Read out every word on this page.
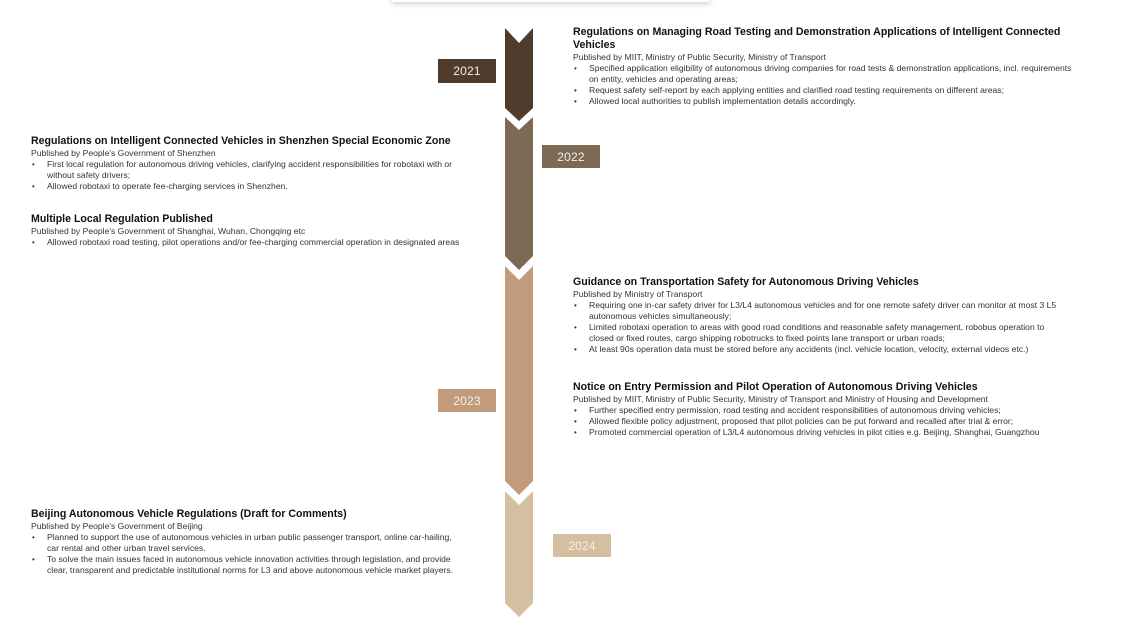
2021
2022
2023
2024
Regulations on Managing Road Testing and Demonstration Applications of Intelligent Connected Vehicles
Published by MIIT, Ministry of Public Security, Ministry of Transport
• Specified application eligibility of autonomous driving companies for road tests & demonstration applications, incl. requirements on entity, vehicles and operating areas;
• Request safety self-report by each applying entities and clarified road testing requirements on different areas;
• Allowed local authorities to publish implementation details accordingly.
Regulations on Intelligent Connected Vehicles in Shenzhen Special Economic Zone
Published by People's Government of Shenzhen
• First local regulation for autonomous driving vehicles, clarifying accident responsibilities for robotaxi with or without safety drivers;
• Allowed robotaxi to operate fee-charging services in Shenzhen.
Multiple Local Regulation Published
Published by People's Government of Shanghai, Wuhan, Chongqing etc
• Allowed robotaxi road testing, pilot operations and/or fee-charging commercial operation in designated areas
Guidance on Transportation Safety for Autonomous Driving Vehicles
Published by Ministry of Transport
• Requiring one in-car safety driver for L3/L4 autonomous vehicles and for one remote safety driver can monitor at most 3 L5 autonomous vehicles simultaneously;
• Limited robotaxi operation to areas with good road conditions and reasonable safety management, robobus operation to closed or fixed routes, cargo shipping robotrucks to fixed points lane transport or urban roads;
• At least 90s operation data must be stored before any accidents (incl. vehicle location, velocity, external videos etc.)
Notice on Entry Permission and Pilot Operation of Autonomous Driving Vehicles
Published by MIIT, Ministry of Public Security, Ministry of Transport and Ministry of Housing and Development
• Further specified entry permission, road testing and accident responsibilities of autonomous driving vehicles;
• Allowed flexible policy adjustment, proposed that pilot policies can be put forward and recalled after trial & error;
• Promoted commercial operation of L3/L4 autonomous driving vehicles in pilot cities e.g. Beijing, Shanghai, Guangzhou
Beijing Autonomous Vehicle Regulations (Draft for Comments)
Published by People's Government of Beijing
• Planned to support the use of autonomous vehicles in urban public passenger transport, online car-hailing, car rental and other urban travel services.
• To solve the main issues faced in autonomous vehicle innovation activities through legislation, and provide clear, transparent and predictable institutional norms for L3 and above autonomous vehicle market players.
